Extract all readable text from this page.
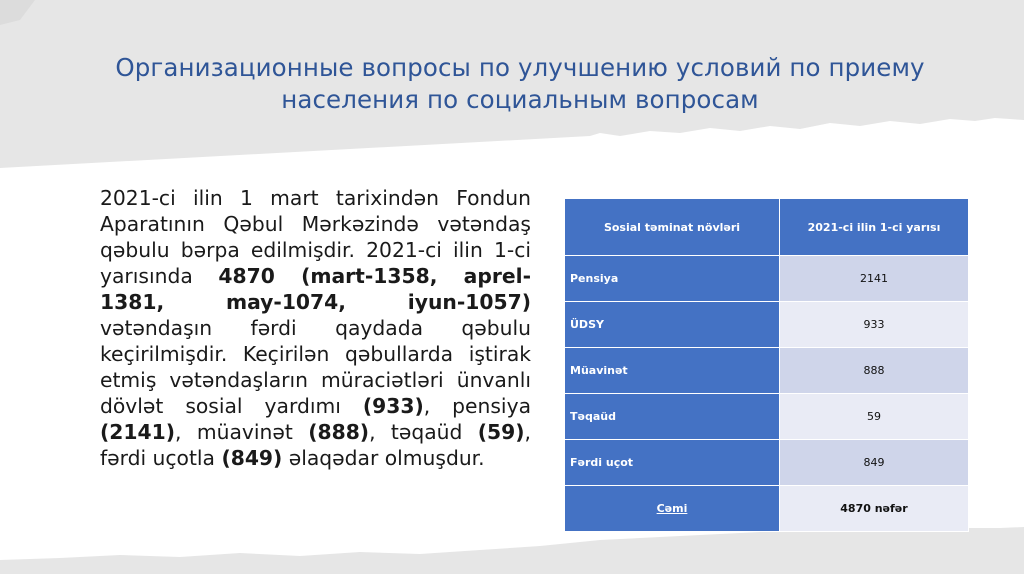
Организационные вопросы по улучшению условий по приему населения по социальным вопросам
2021-ci ilin 1 mart tarixindən Fondun Aparatının Qəbul Mərkəzində vətəndaş qəbulu bərpa edilmişdir. 2021-ci ilin 1-ci yarısında 4870 (mart-1358, aprel-1381, may-1074, iyun-1057) vətəndaşın fərdi qaydada qəbulu keçirilmişdir. Keçirilən qəbullarda iştirak etmiş vətəndaşların müraciətləri ünvanlı dövlət sosial yardımı (933), pensiya (2141), müavinət (888), təqaüd (59), fərdi uçotla (849) əlaqədar olmuşdur.
Sosial təminat növləri	2021-ci ilin 1-ci yarısı
Pensiya	2141
ÜDSY	933
Müavinət	888
Təqaüd	59
Fərdi uçot	849
Cəmi	4870 nəfər
